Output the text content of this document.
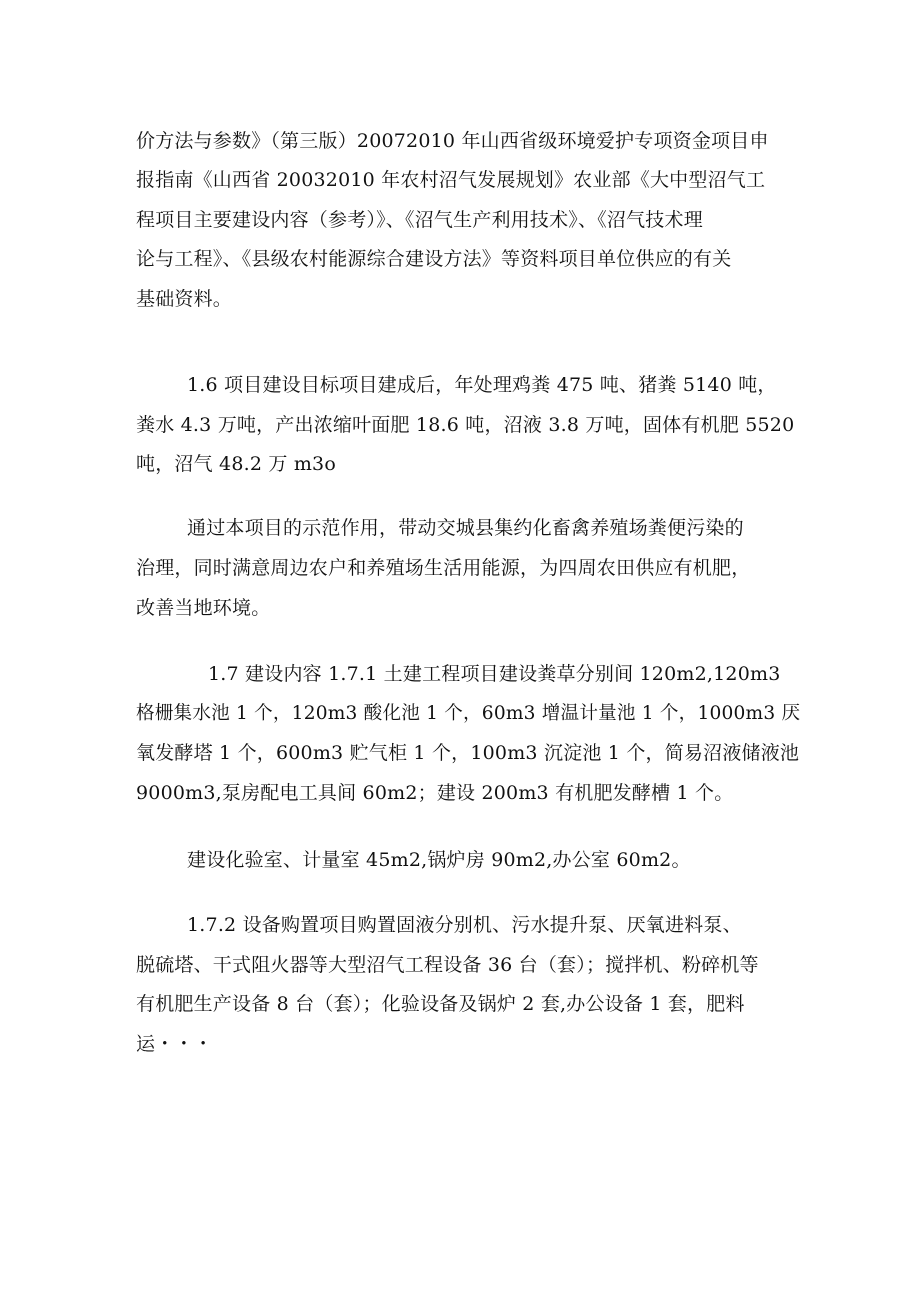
价方法与参数》（第三版）20072010 年山西省级环境爱护专项资金项目申
报指南《山西省 20032010 年农村沼气发展规划》农业部《大中型沼气工
程项目主要建设内容（参考）》、《沼气生产利用技术》、《沼气技术理
论与工程》、《县级农村能源综合建设方法》等资料项目单位供应的有关
基础资料。
1.6 项目建设目标项目建成后，年处理鸡粪 475 吨、猪粪 5140 吨，
粪水 4.3 万吨，产出浓缩叶面肥 18.6 吨，沼液 3.8 万吨，固体有机肥 5520
吨，沼气 48.2 万 m3o
通过本项目的示范作用，带动交城县集约化畜禽养殖场粪便污染的
治理，同时满意周边农户和养殖场生活用能源，为四周农田供应有机肥，
改善当地环境。
1.7 建设内容 1.7.1 土建工程项目建设粪草分别间 120m2,120m3
格栅集水池 1 个，120m3 酸化池 1 个，60m3 增温计量池 1 个，1000m3 厌
氧发酵塔 1 个，600m3 贮气柜 1 个，100m3 沉淀池 1 个，简易沼液储液池
9000m3,泵房配电工具间 60m2；建设 200m3 有机肥发酵槽 1 个。
建设化验室、计量室 45m2,锅炉房 90m2,办公室 60m2。
1.7.2 设备购置项目购置固液分别机、污水提升泵、厌氧进料泵、
脱硫塔、干式阻火器等大型沼气工程设备 36 台（套）；搅拌机、粉碎机等
有机肥生产设备 8 台（套）；化验设备及锅炉 2 套,办公设备 1 套，肥料
运・・・
